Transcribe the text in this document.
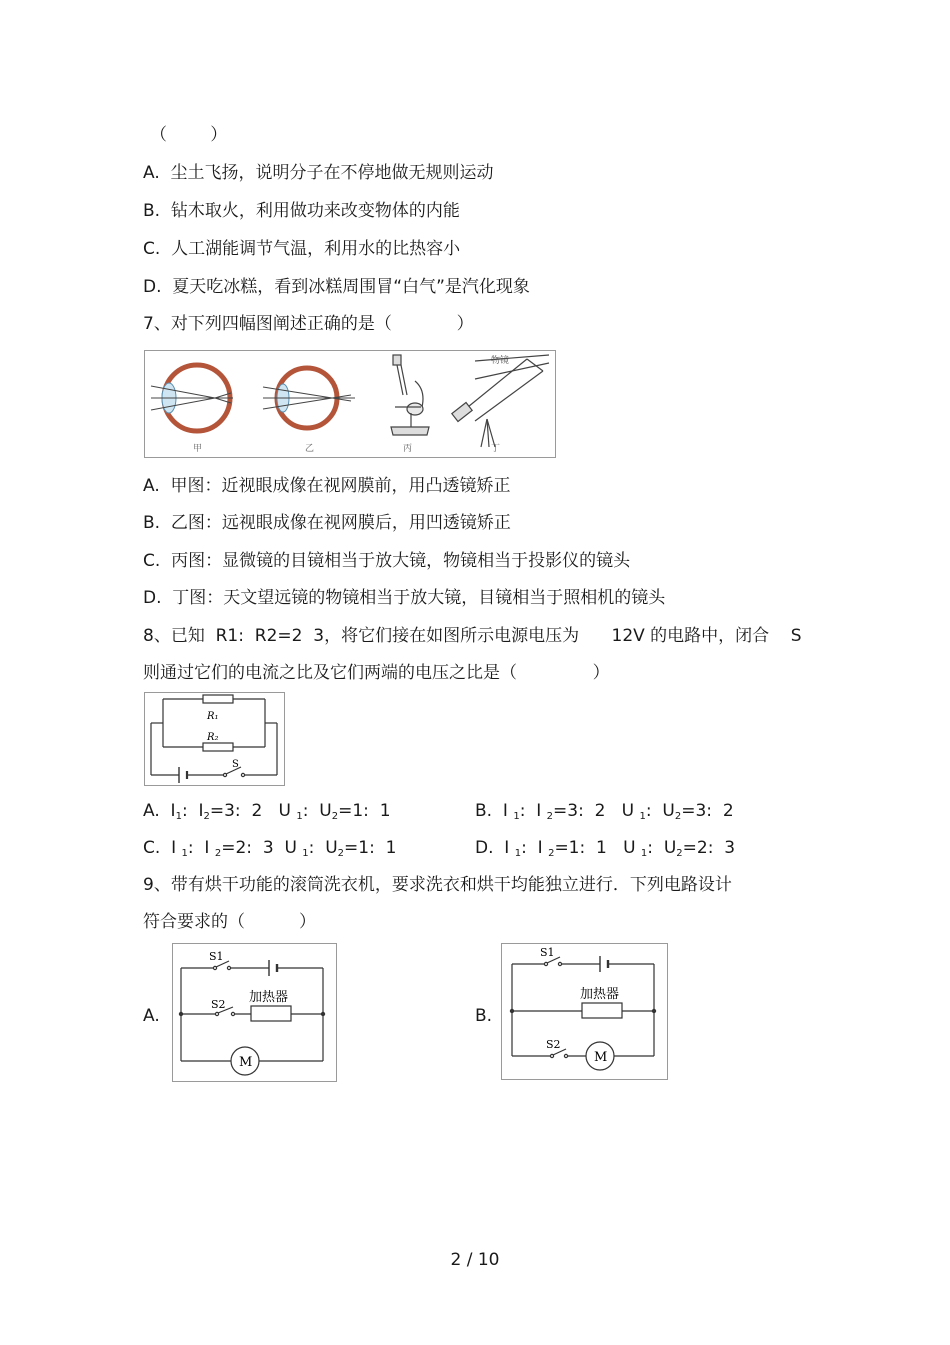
（        ）
A.  尘土飞扬，说明分子在不停地做无规则运动
B.  钻木取火，利用做功来改变物体的内能
C.  人工湖能调节气温，利用水的比热容小
D.  夏天吃冰糕，看到冰糕周围冒“白气”是汽化现象
7、对下列四幅图阐述正确的是（            ）
甲	乙	丙
物镜
丁
A.  甲图：近视眼成像在视网膜前，用凸透镜矫正
B.  乙图：远视眼成像在视网膜后，用凹透镜矫正
C.  丙图：显微镜的目镜相当于放大镜，物镜相当于投影仪的镜头
D.  丁图：天文望远镜的物镜相当于放大镜，目镜相当于照相机的镜头
8、已知  R1:  R2=2  3，将它们接在如图所示电源电压为      12V 的电路中，闭合    S
则通过它们的电流之比及它们两端的电压之比是（              ）
R₁
R₂
S
A.  I1:  I2=3:  2   U 1:  U2=1:  1	B.  I 1:  I 2=3:  2   U 1:  U2=3:  2
C.  I 1:  I 2=2:  3  U 1:  U2=1:  1	D.  I 1:  I 2=1:  1   U 1:  U2=2:  3
9、带有烘干功能的滚筒洗衣机，要求洗衣和烘干均能独立进行．下列电路设计
符合要求的（          ）
A.
S1
S2 加热器
M
B.
S1
S2
加热器
M
2 / 10
